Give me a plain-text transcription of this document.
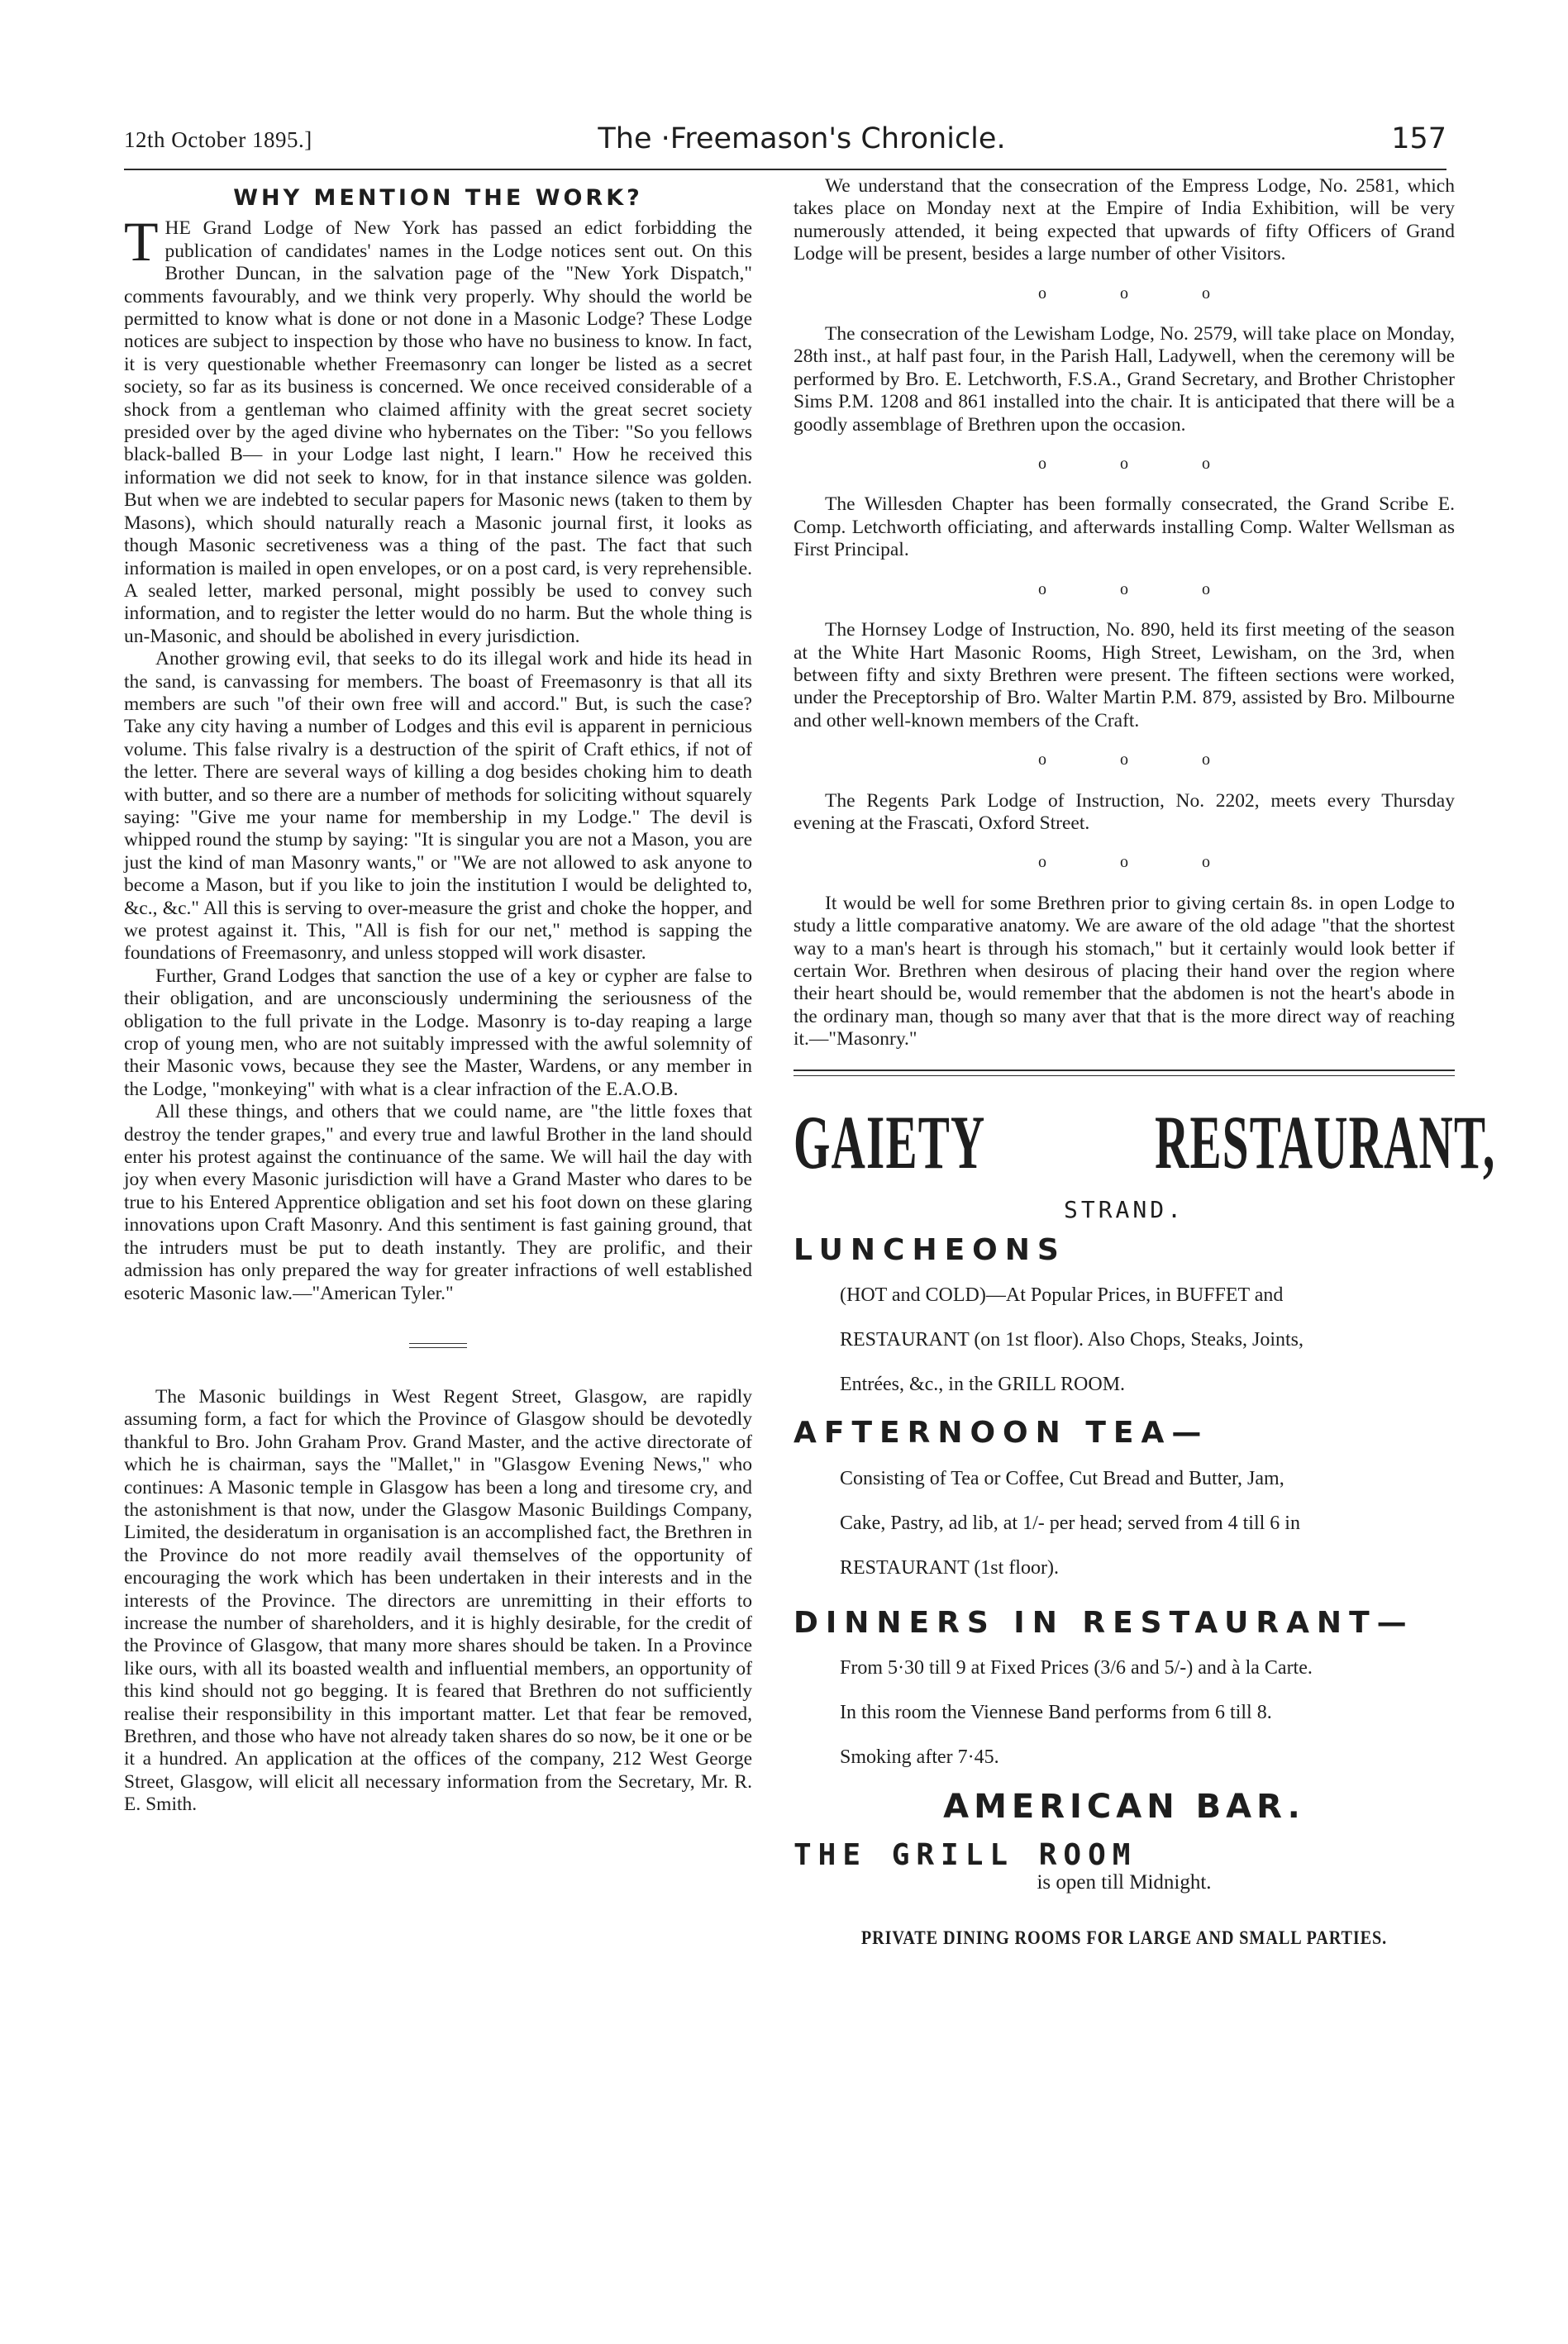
12th October 1895.]	The ·Freemason's Chronicle.	157
WHY MENTION THE WORK?

THE Grand Lodge of New York has passed an edict forbidding the publication of candidates' names in the Lodge notices sent out. On this Brother Duncan, in the salvation page of the "New York Dispatch," comments favourably, and we think very properly. Why should the world be permitted to know what is done or not done in a Masonic Lodge? These Lodge notices are subject to inspection by those who have no business to know. In fact, it is very questionable whether Freemasonry can longer be listed as a secret society, so far as its business is concerned. We once received considerable of a shock from a gentleman who claimed affinity with the great secret society presided over by the aged divine who hybernates on the Tiber: "So you fellows black-balled B— in your Lodge last night, I learn." How he received this information we did not seek to know, for in that instance silence was golden. But when we are indebted to secular papers for Masonic news (taken to them by Masons), which should naturally reach a Masonic journal first, it looks as though Masonic secretiveness was a thing of the past. The fact that such information is mailed in open envelopes, or on a post card, is very reprehensible. A sealed letter, marked personal, might possibly be used to convey such information, and to register the letter would do no harm. But the whole thing is un-Masonic, and should be abolished in every jurisdiction.

Another growing evil, that seeks to do its illegal work and hide its head in the sand, is canvassing for members. The boast of Freemasonry is that all its members are such "of their own free will and accord." But, is such the case? Take any city having a number of Lodges and this evil is apparent in pernicious volume. This false rivalry is a destruction of the spirit of Craft ethics, if not of the letter. There are several ways of killing a dog besides choking him to death with butter, and so there are a number of methods for soliciting without squarely saying: "Give me your name for membership in my Lodge." The devil is whipped round the stump by saying: "It is singular you are not a Mason, you are just the kind of man Masonry wants," or "We are not allowed to ask anyone to become a Mason, but if you like to join the institution I would be delighted to, &c., &c." All this is serving to over-measure the grist and choke the hopper, and we protest against it. This, "All is fish for our net," method is sapping the foundations of Freemasonry, and unless stopped will work disaster.

Further, Grand Lodges that sanction the use of a key or cypher are false to their obligation, and are unconsciously undermining the seriousness of the obligation to the full private in the Lodge. Masonry is to-day reaping a large crop of young men, who are not suitably impressed with the awful solemnity of their Masonic vows, because they see the Master, Wardens, or any member in the Lodge, "monkeying" with what is a clear infraction of the E.A.O.B.

All these things, and others that we could name, are "the little foxes that destroy the tender grapes," and every true and lawful Brother in the land should enter his protest against the continuance of the same. We will hail the day with joy when every Masonic jurisdiction will have a Grand Master who dares to be true to his Entered Apprentice obligation and set his foot down on these glaring innovations upon Craft Masonry. And this sentiment is fast gaining ground, that the intruders must be put to death instantly. They are prolific, and their admission has only prepared the way for greater infractions of well established esoteric Masonic law.—"American Tyler."

The Masonic buildings in West Regent Street, Glasgow, are rapidly assuming form, a fact for which the Province of Glasgow should be devotedly thankful to Bro. John Graham Prov. Grand Master, and the active directorate of which he is chairman, says the "Mallet," in "Glasgow Evening News," who continues: A Masonic temple in Glasgow has been a long and tiresome cry, and the astonishment is that now, under the Glasgow Masonic Buildings Company, Limited, the desideratum in organisation is an accomplished fact, the Brethren in the Province do not more readily avail themselves of the opportunity of encouraging the work which has been undertaken in their interests and in the interests of the Province. The directors are unremitting in their efforts to increase the number of shareholders, and it is highly desirable, for the credit of the Province of Glasgow, that many more shares should be taken. In a Province like ours, with all its boasted wealth and influential members, an opportunity of this kind should not go begging. It is feared that Brethren do not sufficiently realise their responsibility in this important matter. Let that fear be removed, Brethren, and those who have not already taken shares do so now, be it one or be it a hundred. An application at the offices of the company, 212 West George Street, Glasgow, will elicit all necessary information from the Secretary, Mr. R. E. Smith.

We understand that the consecration of the Empress Lodge, No. 2581, which takes place on Monday next at the Empire of India Exhibition, will be very numerously attended, it being expected that upwards of fifty Officers of Grand Lodge will be present, besides a large number of other Visitors.

o o o

The consecration of the Lewisham Lodge, No. 2579, will take place on Monday, 28th inst., at half past four, in the Parish Hall, Ladywell, when the ceremony will be performed by Bro. E. Letchworth, F.S.A., Grand Secretary, and Brother Christopher Sims P.M. 1208 and 861 installed into the chair. It is anticipated that there will be a goodly assemblage of Brethren upon the occasion.

o o o

The Willesden Chapter has been formally consecrated, the Grand Scribe E. Comp. Letchworth officiating, and afterwards installing Comp. Walter Wellsman as First Principal.

o o o

The Hornsey Lodge of Instruction, No. 890, held its first meeting of the season at the White Hart Masonic Rooms, High Street, Lewisham, on the 3rd, when between fifty and sixty Brethren were present. The fifteen sections were worked, under the Preceptorship of Bro. Walter Martin P.M. 879, assisted by Bro. Milbourne and other well-known members of the Craft.

o o o

The Regents Park Lodge of Instruction, No. 2202, meets every Thursday evening at the Frascati, Oxford Street.

o o o

It would be well for some Brethren prior to giving certain 8s. in open Lodge to study a little comparative anatomy. We are aware of the old adage "that the shortest way to a man's heart is through his stomach," but it certainly would look better if certain Wor. Brethren when desirous of placing their hand over the region where their heart should be, would remember that the abdomen is not the heart's abode in the ordinary man, though so many aver that that is the more direct way of reaching it.—"Masonry."

GAIETY RESTAURANT,
STRAND.
LUNCHEONS
(HOT and COLD)—At Popular Prices, in BUFFET and
RESTAURANT (on 1st floor). Also Chops, Steaks, Joints,
Entrées, &c., in the GRILL ROOM.
AFTERNOON TEA—
Consisting of Tea or Coffee, Cut Bread and Butter, Jam,
Cake, Pastry, ad lib, at 1/- per head; served from 4 till 6 in
RESTAURANT (1st floor).
DINNERS IN RESTAURANT—
From 5·30 till 9 at Fixed Prices (3/6 and 5/-) and à la Carte.
In this room the Viennese Band performs from 6 till 8.
Smoking after 7·45.
AMERICAN BAR.
THE GRILL ROOM
is open till Midnight.
PRIVATE DINING ROOMS FOR LARGE AND SMALL PARTIES.
